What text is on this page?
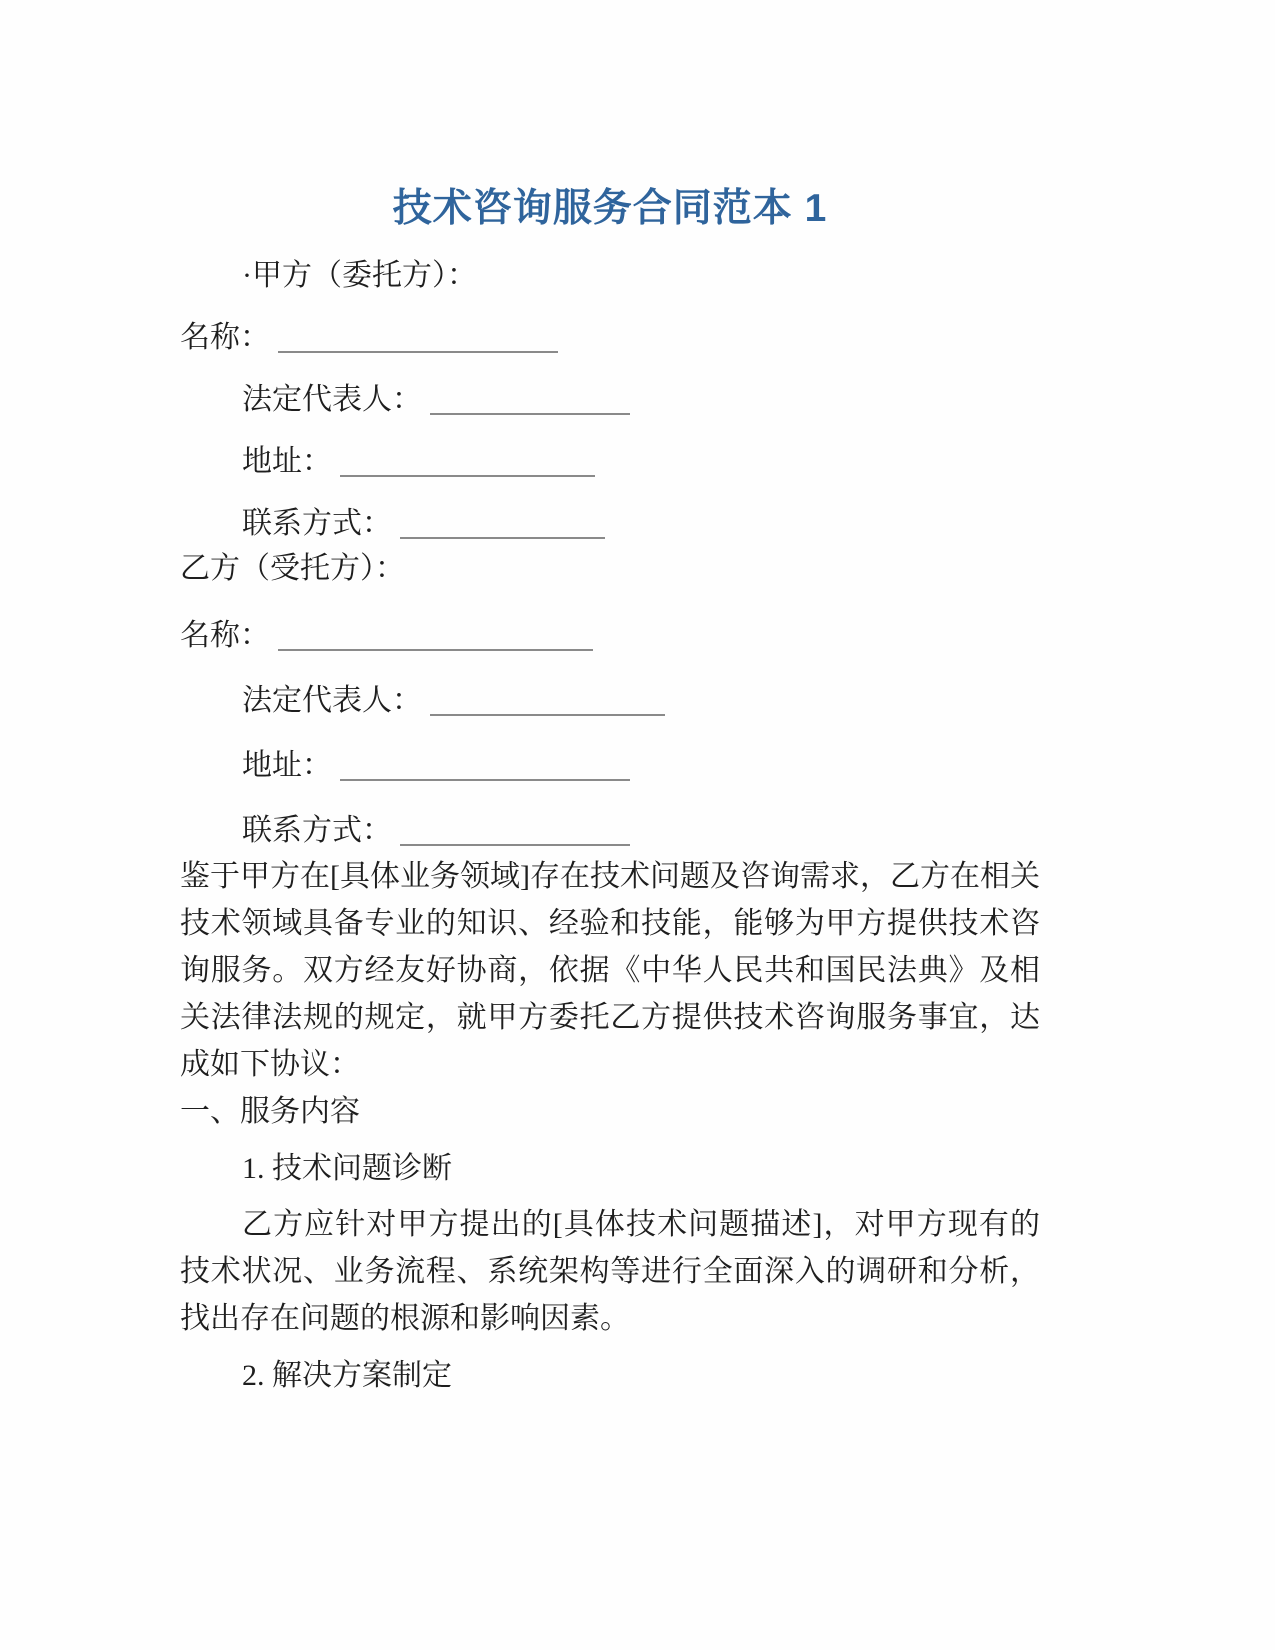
技术咨询服务合同范本 1
·甲方（委托方）：
名称：
法定代表人：
地址：
联系方式：
乙方（受托方）：
名称：
法定代表人：
地址：
联系方式：

鉴于甲方在[具体业务领域]存在技术问题及咨询需求，乙方在相关技术领域具备专业的知识、经验和技能，能够为甲方提供技术咨询服务。双方经友好协商，依据《中华人民共和国民法典》及相关法律法规的规定，就甲方委托乙方提供技术咨询服务事宜，达成如下协议：

一、服务内容
1. 技术问题诊断

乙方应针对甲方提出的[具体技术问题描述]，对甲方现有的技术状况、业务流程、系统架构等进行全面深入的调研和分析，找出存在问题的根源和影响因素。

2. 解决方案制定
